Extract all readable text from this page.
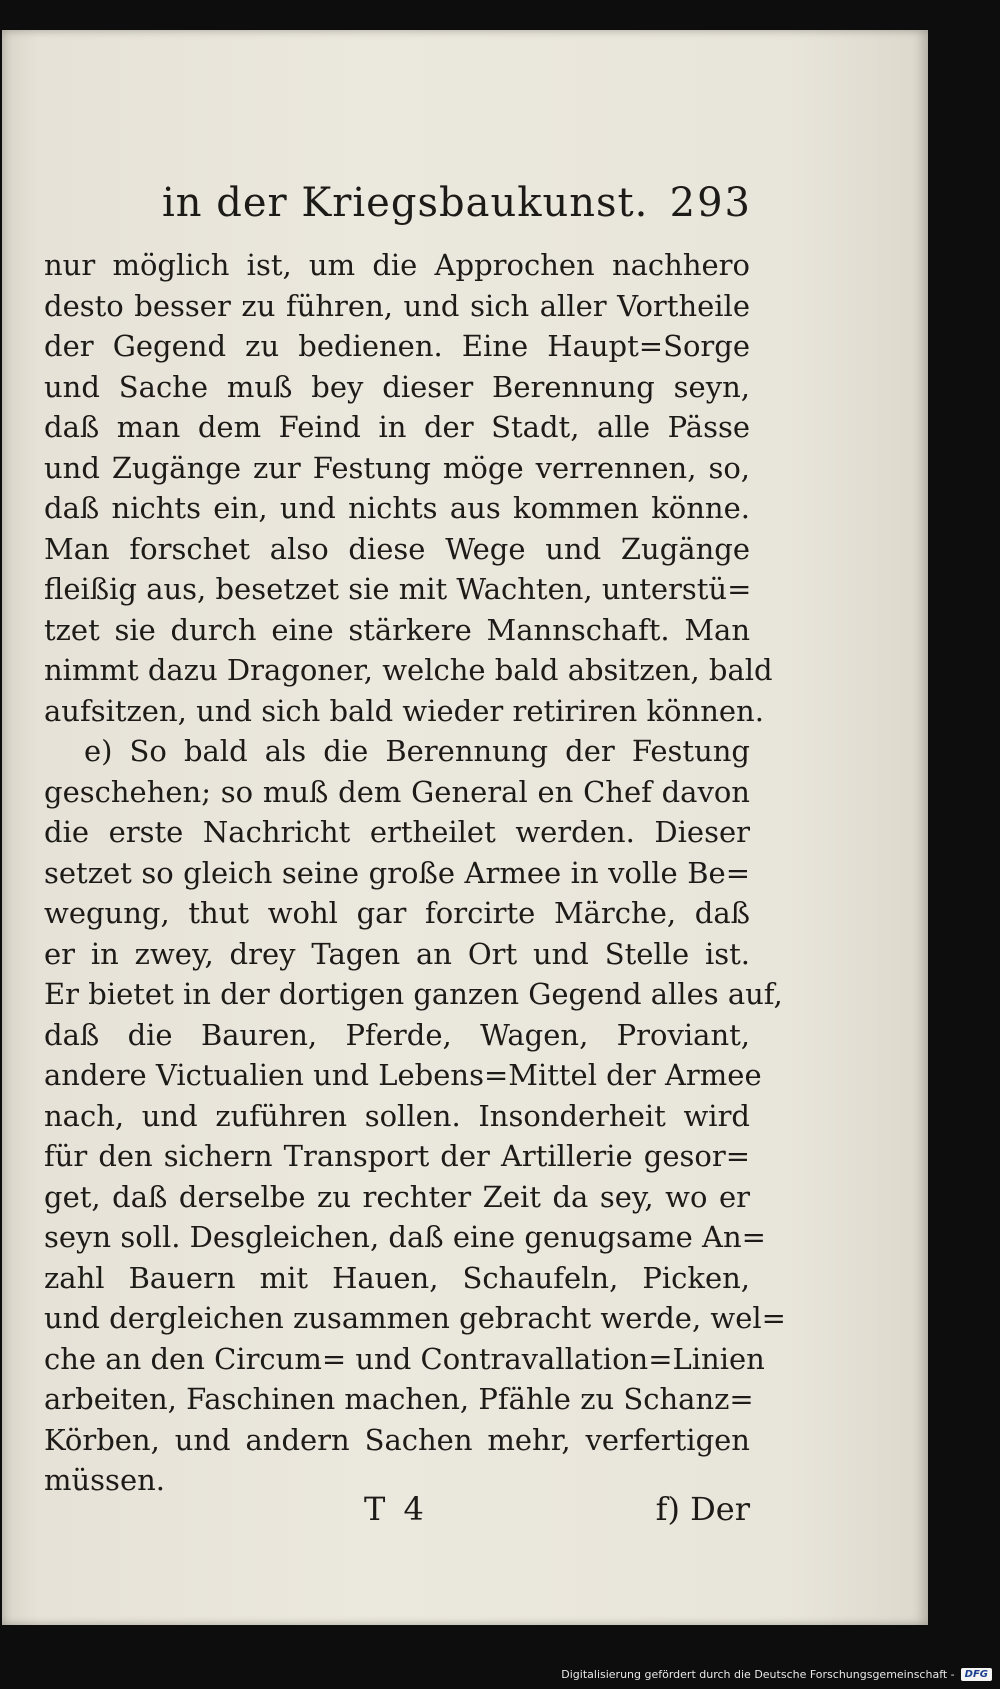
in der Kriegsbaukunst. 293
nur möglich ist, um die Approchen nachhero
desto besser zu führen, und sich aller Vortheile
der Gegend zu bedienen. Eine Haupt=Sorge
und Sache muß bey dieser Berennung seyn,
daß man dem Feind in der Stadt, alle Pässe
und Zugänge zur Festung möge verrennen, so,
daß nichts ein, und nichts aus kommen könne.
Man forschet also diese Wege und Zugänge
fleißig aus, besetzet sie mit Wachten, unterstü=
tzet sie durch eine stärkere Mannschaft. Man
nimmt dazu Dragoner, welche bald absitzen, bald
aufsitzen, und sich bald wieder retiriren können.
e) So bald als die Berennung der Festung
geschehen; so muß dem General en Chef davon
die erste Nachricht ertheilet werden. Dieser
setzet so gleich seine große Armee in volle Be=
wegung, thut wohl gar forcirte Märche, daß
er in zwey, drey Tagen an Ort und Stelle ist.
Er bietet in der dortigen ganzen Gegend alles auf,
daß die Bauren, Pferde, Wagen, Proviant,
andere Victualien und Lebens=Mittel der Armee
nach, und zuführen sollen. Insonderheit wird
für den sichern Transport der Artillerie gesor=
get, daß derselbe zu rechter Zeit da sey, wo er
seyn soll. Desgleichen, daß eine genugsame An=
zahl Bauern mit Hauen, Schaufeln, Picken,
und dergleichen zusammen gebracht werde, wel=
che an den Circum= und Contravallation=Linien
arbeiten, Faschinen machen, Pfähle zu Schanz=
Körben, und andern Sachen mehr, verfertigen
müssen.
T 4	f) Der
Digitalisierung gefördert durch die Deutsche Forschungsgemeinschaft -	DFG
